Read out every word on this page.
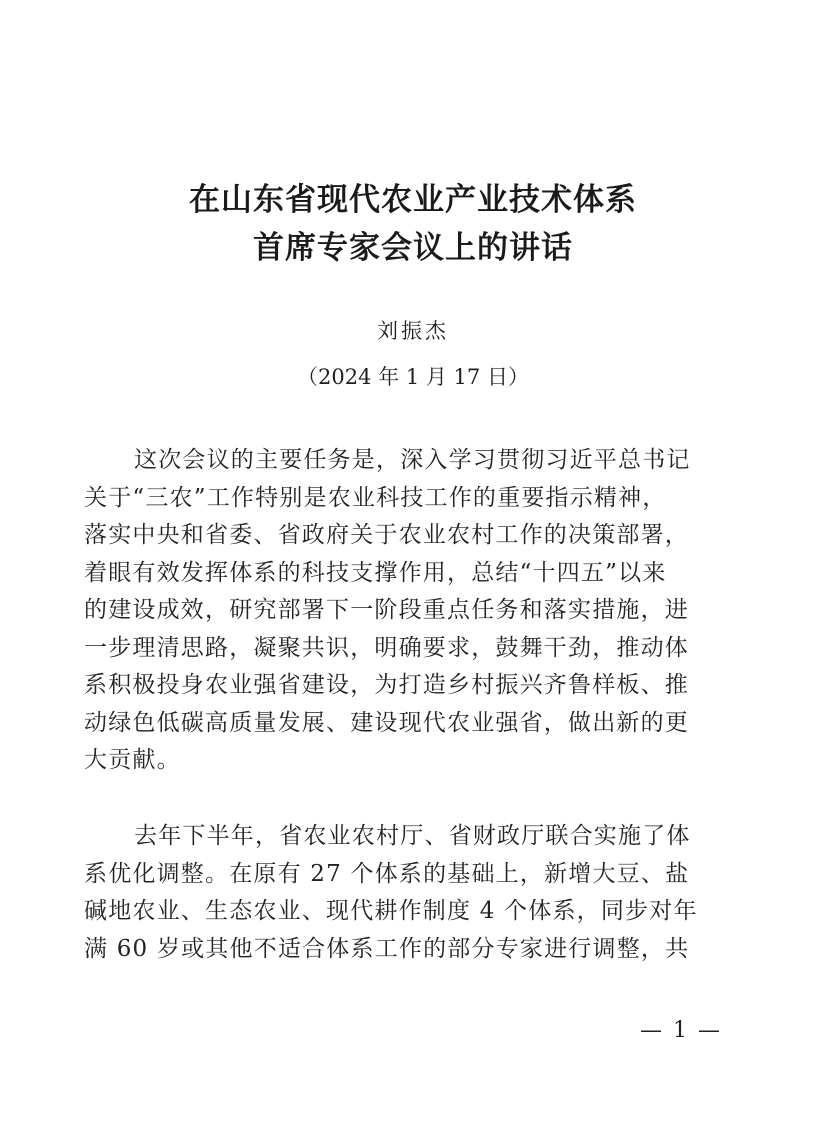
在山东省现代农业产业技术体系
首席专家会议上的讲话
刘振杰
（2024 年 1 月 17 日）
这次会议的主要任务是，深入学习贯彻习近平总书记
关于“三农”工作特别是农业科技工作的重要指示精神，
落实中央和省委、省政府关于农业农村工作的决策部署，
着眼有效发挥体系的科技支撑作用，总结“十四五”以来
的建设成效，研究部署下一阶段重点任务和落实措施，进
一步理清思路，凝聚共识，明确要求，鼓舞干劲，推动体
系积极投身农业强省建设，为打造乡村振兴齐鲁样板、推
动绿色低碳高质量发展、建设现代农业强省，做出新的更
大贡献。
去年下半年，省农业农村厅、省财政厅联合实施了体
系优化调整。在原有 27 个体系的基础上，新增大豆、盐
碱地农业、生态农业、现代耕作制度 4 个体系，同步对年
满 60 岁或其他不适合体系工作的部分专家进行调整，共
— 1 —
